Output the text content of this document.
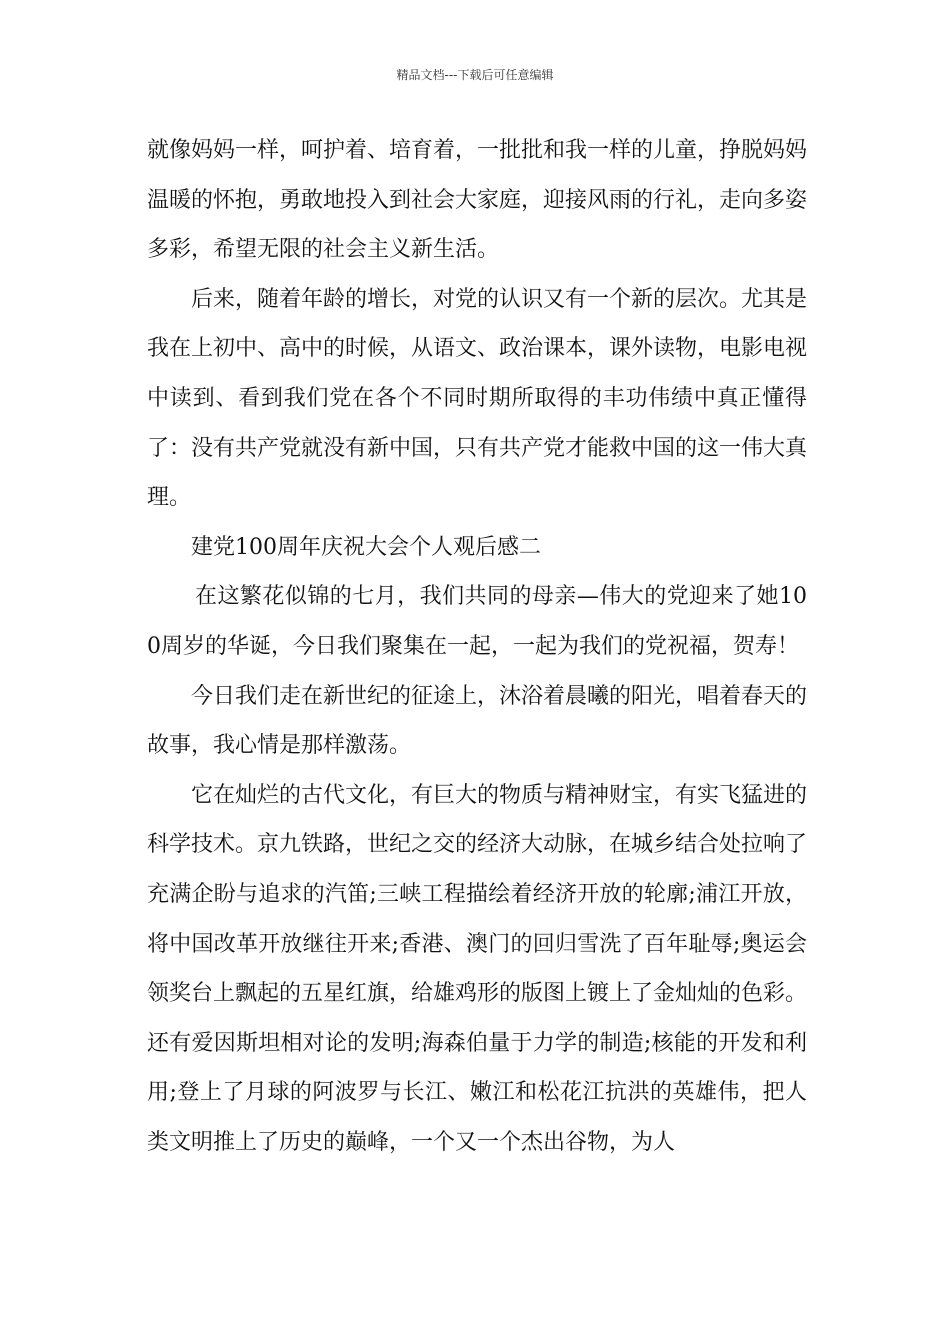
精品文档---下载后可任意编辑

就像妈妈一样，呵护着、培育着，一批批和我一样的儿童，挣脱妈妈温暖的怀抱，勇敢地投入到社会大家庭，迎接风雨的行礼，走向多姿多彩，希望无限的社会主义新生活。

后来，随着年龄的增长，对党的认识又有一个新的层次。尤其是我在上初中、高中的时候，从语文、政治课本，课外读物，电影电视中读到、看到我们党在各个不同时期所取得的丰功伟绩中真正懂得了：没有共产党就没有新中国，只有共产党才能救中国的这一伟大真理。

建党100周年庆祝大会个人观后感二

在这繁花似锦的七月，我们共同的母亲—伟大的党迎来了她100周岁的华诞，今日我们聚集在一起，一起为我们的党祝福，贺寿！

今日我们走在新世纪的征途上，沐浴着晨曦的阳光，唱着春天的故事，我心情是那样激荡。

它在灿烂的古代文化，有巨大的物质与精神财宝，有实飞猛进的科学技术。京九铁路，世纪之交的经济大动脉，在城乡结合处拉响了充满企盼与追求的汽笛;三峡工程描绘着经济开放的轮廓;浦江开放，将中国改革开放继往开来;香港、澳门的回归雪洗了百年耻辱;奥运会领奖台上飘起的五星红旗，给雄鸡形的版图上镀上了金灿灿的色彩。还有爱因斯坦相对论的发明;海森伯量于力学的制造;核能的开发和利用;登上了月球的阿波罗与长江、嫩江和松花江抗洪的英雄伟，把人类文明推上了历史的巅峰，一个又一个杰出谷物，为人
